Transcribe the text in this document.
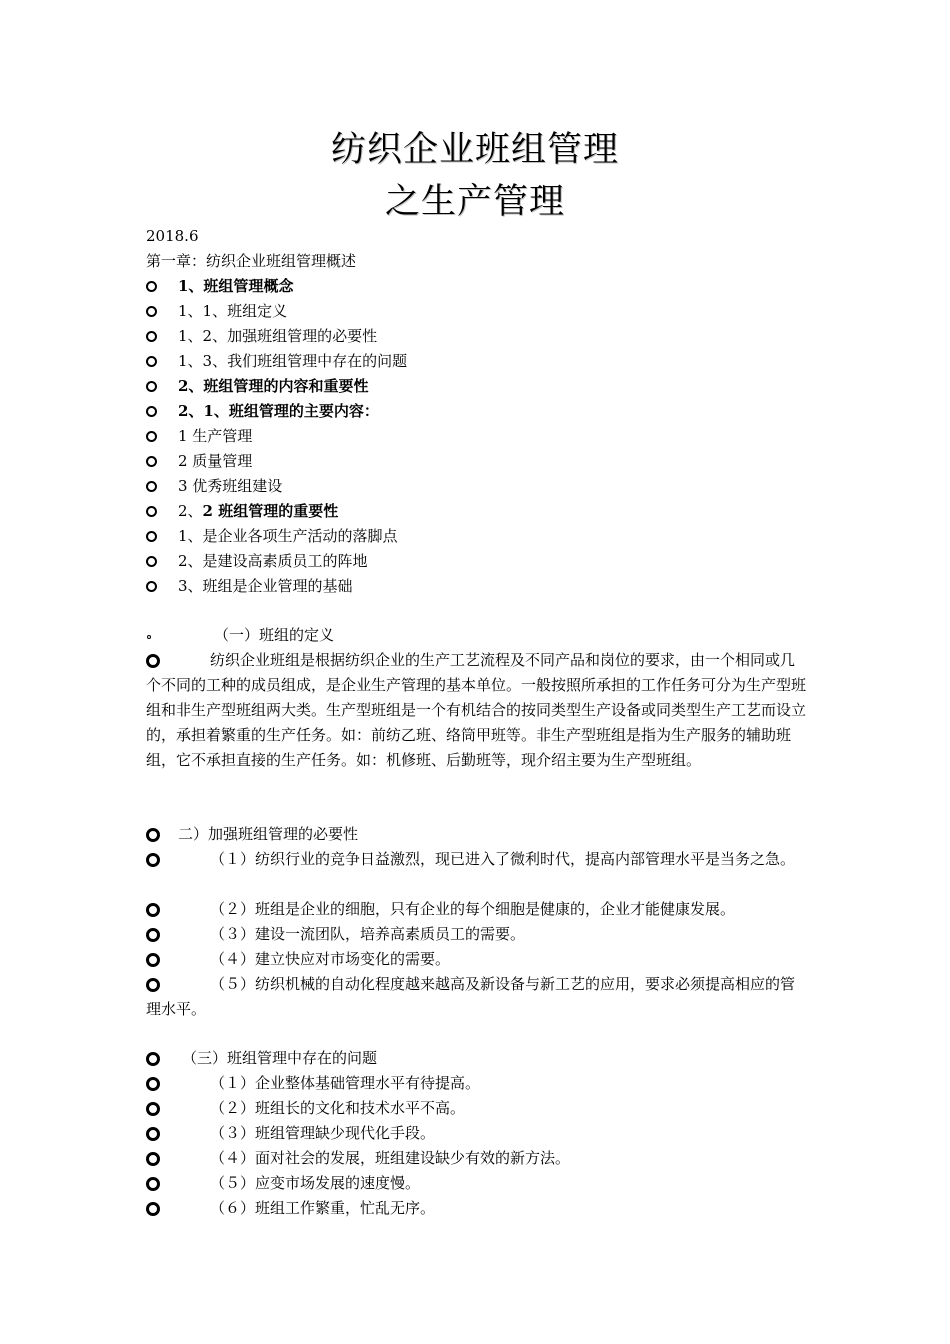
纺织企业班组管理
之生产管理
2018.6
第一章：纺织企业班组管理概述
1、班组管理概念
1、1、班组定义
1、2、加强班组管理的必要性
1、3、我们班组管理中存在的问题
2、班组管理的内容和重要性
2、1、班组管理的主要内容：
1 生产管理
2 质量管理
3 优秀班组建设
2、2 班组管理的重要性
1、是企业各项生产活动的落脚点
2、是建设高素质员工的阵地
3、班组是企业管理的基础
（一）班组的定义
纺织企业班组是根据纺织企业的生产工艺流程及不同产品和岗位的要求，由一个相同或几个不同的工种的成员组成，是企业生产管理的基本单位。一般按照所承担的工作任务可分为生产型班组和非生产型班组两大类。生产型班组是一个有机结合的按同类型生产设备或同类型生产工艺而设立的，承担着繁重的生产任务。如：前纺乙班、络筒甲班等。非生产型班组是指为生产服务的辅助班组，它不承担直接的生产任务。如：机修班、后勤班等，现介绍主要为生产型班组。
二）加强班组管理的必要性
（１）纺织行业的竞争日益激烈，现已进入了微利时代，提高内部管理水平是当务之急。
（２）班组是企业的细胞，只有企业的每个细胞是健康的，企业才能健康发展。
（３）建设一流团队，培养高素质员工的需要。
（４）建立快应对市场变化的需要。
（５）纺织机械的自动化程度越来越高及新设备与新工艺的应用，要求必须提高相应的管理水平。
（三）班组管理中存在的问题
（１）企业整体基础管理水平有待提高。
（２）班组长的文化和技术水平不高。
（３）班组管理缺少现代化手段。
（４）面对社会的发展，班组建设缺少有效的新方法。
（５）应变市场发展的速度慢。
（６）班组工作繁重，忙乱无序。
